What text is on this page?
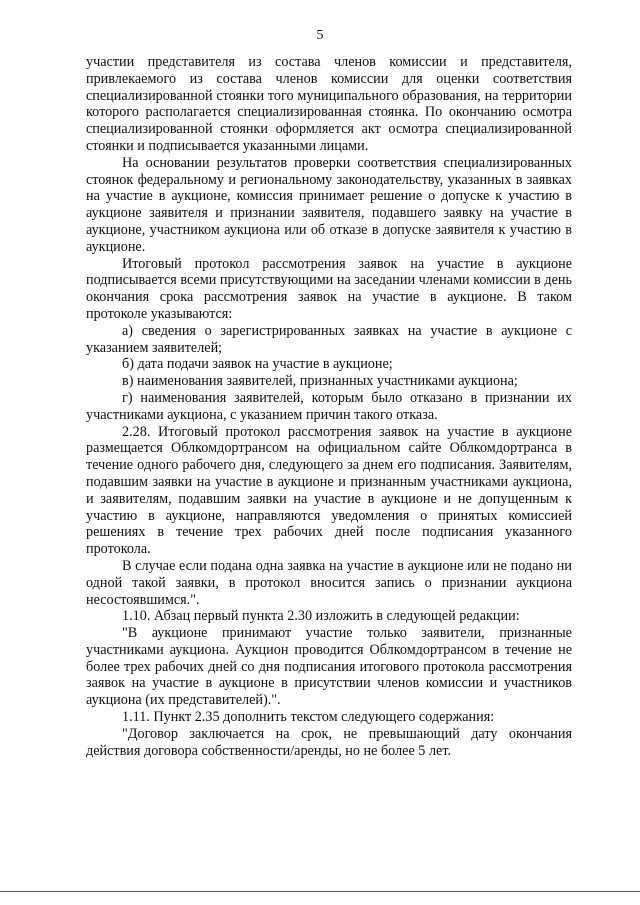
5

участии представителя из состава членов комиссии и представителя, привлекаемого из состава членов комиссии для оценки соответствия специализированной стоянки того муниципального образования, на территории которого располагается специализированная стоянка. По окончанию осмотра специализированной стоянки оформляется акт осмотра специализированной стоянки и подписывается указанными лицами.

На основании результатов проверки соответствия специализированных стоянок федеральному и региональному законодательству, указанных в заявках на участие в аукционе, комиссия принимает решение о допуске к участию в аукционе заявителя и признании заявителя, подавшего заявку на участие в аукционе, участником аукциона или об отказе в допуске заявителя к участию в аукционе.

Итоговый протокол рассмотрения заявок на участие в аукционе подписывается всеми присутствующими на заседании членами комиссии в день окончания срока рассмотрения заявок на участие в аукционе. В таком протоколе указываются:

а) сведения о зарегистрированных заявках на участие в аукционе с указанием заявителей;

б) дата подачи заявок на участие в аукционе;

в) наименования заявителей, признанных участниками аукциона;

г) наименования заявителей, которым было отказано в признании их участниками аукциона, с указанием причин такого отказа.

2.28. Итоговый протокол рассмотрения заявок на участие в аукционе размещается Облкомдортрансом на официальном сайте Облкомдортранса в течение одного рабочего дня, следующего за днем его подписания. Заявителям, подавшим заявки на участие в аукционе и признанным участниками аукциона, и заявителям, подавшим заявки на участие в аукционе и не допущенным к участию в аукционе, направляются уведомления о принятых комиссией решениях в течение трех рабочих дней после подписания указанного протокола.

В случае если подана одна заявка на участие в аукционе или не подано ни одной такой заявки, в протокол вносится запись о признании аукциона несостоявшимся.".

1.10. Абзац первый пункта 2.30 изложить в следующей редакции:

"В аукционе принимают участие только заявители, признанные участниками аукциона. Аукцион проводится Облкомдортрансом в течение не более трех рабочих дней со дня подписания итогового протокола рассмотрения заявок на участие в аукционе в присутствии членов комиссии и участников аукциона (их представителей).".

1.11. Пункт 2.35 дополнить текстом следующего содержания:

"Договор заключается на срок, не превышающий дату окончания действия договора собственности/аренды, но не более 5 лет.
